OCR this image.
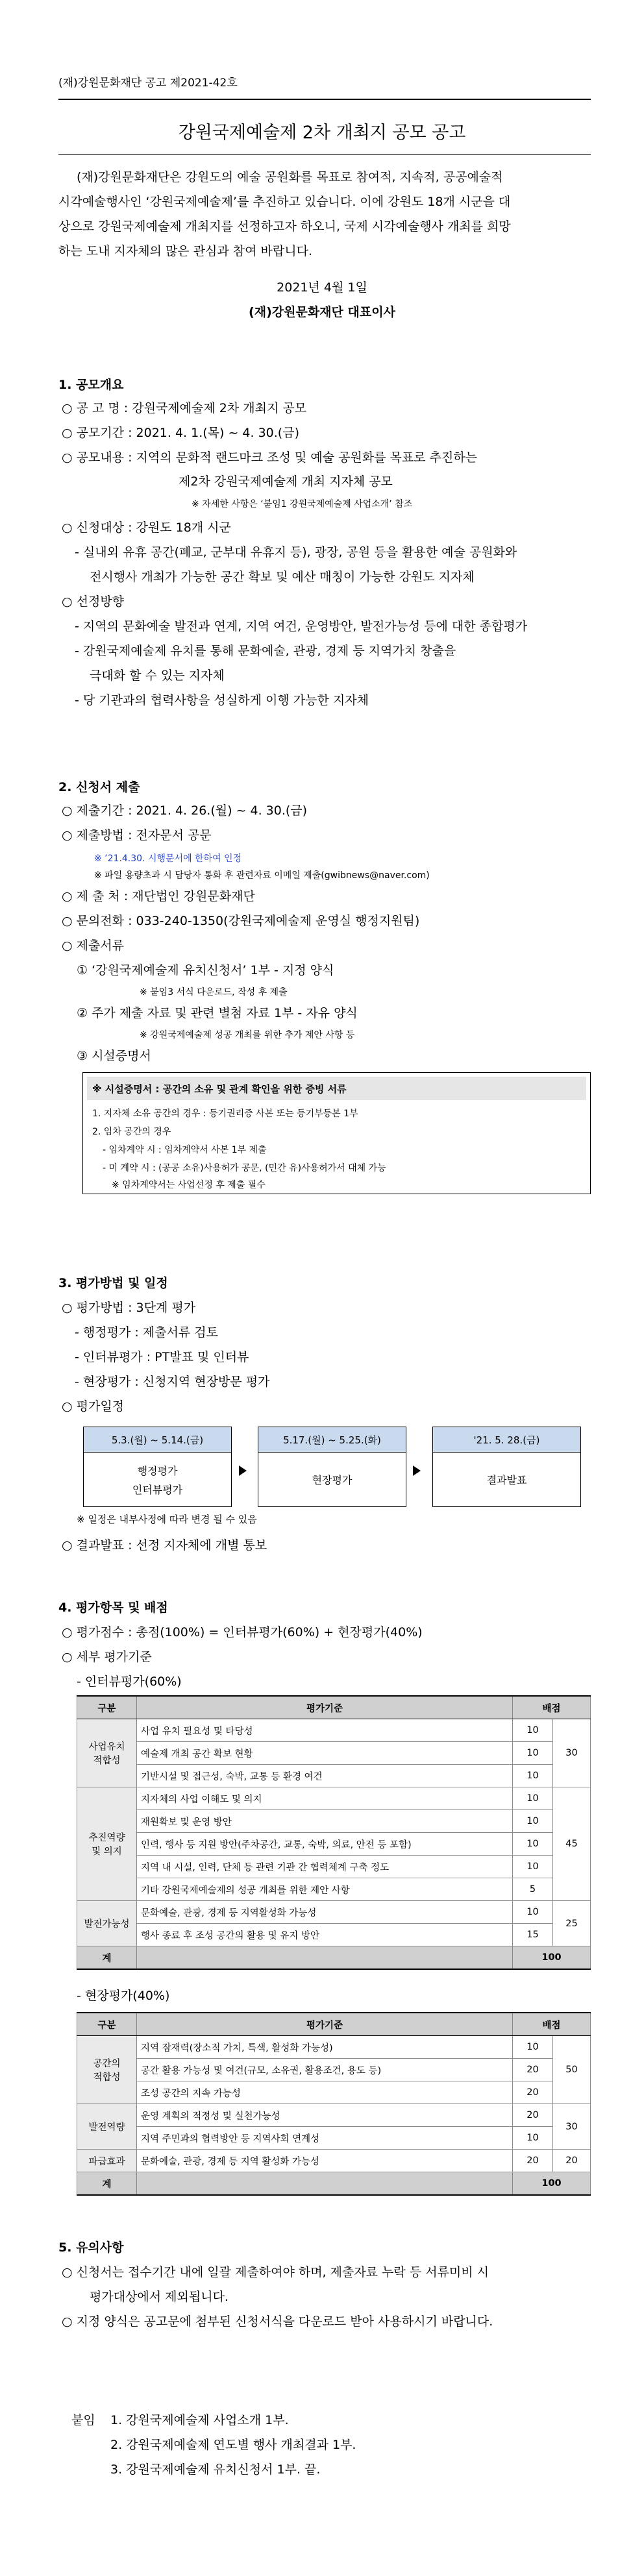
(재)강원문화재단 공고 제2021-42호
강원국제예술제 2차 개최지 공모 공고
(재)강원문화재단은 강원도의 예술 공원화를 목표로 참여적, 지속적, 공공예술적
시각예술행사인 ‘강원국제예술제’를 추진하고 있습니다. 이에 강원도 18개 시군을 대
상으로 강원국제예술제 개최지를 선정하고자 하오니, 국제 시각예술행사 개최를 희망
하는 도내 지자체의 많은 관심과 참여 바랍니다.
2021년 4월 1일
(재)강원문화재단 대표이사
1. 공모개요
○ 공 고 명 : 강원국제예술제 2차 개최지 공모
○ 공모기간 : 2021. 4. 1.(목) ~ 4. 30.(금)
○ 공모내용 : 지역의 문화적 랜드마크 조성 및 예술 공원화를 목표로 추진하는
제2차 강원국제예술제 개최 지자체 공모
※ 자세한 사항은 ‘붙임1 강원국제예술제 사업소개’ 참조
○ 신청대상 : 강원도 18개 시군
- 실내외 유휴 공간(폐교, 군부대 유휴지 등), 광장, 공원 등을 활용한 예술 공원화와
전시행사 개최가 가능한 공간 확보 및 예산 매칭이 가능한 강원도 지자체
○ 선정방향
- 지역의 문화예술 발전과 연계, 지역 여건, 운영방안, 발전가능성 등에 대한 종합평가
- 강원국제예술제 유치를 통해 문화예술, 관광, 경제 등 지역가치 창출을
극대화 할 수 있는 지자체
- 당 기관과의 협력사항을 성실하게 이행 가능한 지자체
2. 신청서 제출
○ 제출기간 : 2021. 4. 26.(월) ~ 4. 30.(금)
○ 제출방법 : 전자문서 공문
※ ’21.4.30. 시행문서에 한하여 인정
※ 파일 용량초과 시 담당자 통화 후 관련자료 이메일 제출(gwibnews@naver.com)
○ 제 출 처 : 재단법인 강원문화재단
○ 문의전화 : 033-240-1350(강원국제예술제 운영실 행정지원팀)
○ 제출서류
① ‘강원국제예술제 유치신청서’ 1부 - 지정 양식
※ 붙임3 서식 다운로드, 작성 후 제출
② 주가 제출 자료 및 관련 별첨 자료 1부 - 자유 양식
※ 강원국제예술제 성공 개최를 위한 추가 제안 사항 등
③ 시설증명서
※ 시설증명서 : 공간의 소유 및 관계 확인을 위한 증빙 서류
1. 지자체 소유 공간의 경우 : 등기권리증 사본 또는 등기부등본 1부
2. 임차 공간의 경우
- 임차계약 시 : 임차계약서 사본 1부 제출
- 미 계약 시 : (공공 소유)사용허가 공문, (민간 유)사용허가서 대체 가능
※ 임차계약서는 사업선정 후 제출 필수
3. 평가방법 및 일정
○ 평가방법 : 3단계 평가
- 행정평가 : 제출서류 검토
- 인터뷰평가 : PT발표 및 인터뷰
- 현장평가 : 신청지역 현장방문 평가
○ 평가일정
5.3.(월) ~ 5.14.(금)
행정평가
인터뷰평가
5.17.(월) ~ 5.25.(화)
현장평가
'21. 5. 28.(금)
결과발표
※ 일정은 내부사정에 따라 변경 될 수 있음
○ 결과발표 : 선정 지자체에 개별 통보
4. 평가항목 및 배점
○ 평가점수 : 총점(100%) = 인터뷰평가(60%) + 현장평가(40%)
○ 세부 평가기준
- 인터뷰평가(60%)
구분	평가기준	배점	
사업유치
적합성	사업 유치 필요성 및 타당성	10	30
	예술제 개최 공간 확보 현황	10	
	기반시설 및 접근성, 숙박, 교통 등 환경 여건	10	
추진역량
및 의지	지자체의 사업 이해도 및 의지	10	45
	재원확보 및 운영 방안	10	
	인력, 행사 등 지원 방안(주차공간, 교통, 숙박, 의료, 안전 등 포함)	10	
	지역 내 시설, 인력, 단체 등 관련 기관 간 협력체계 구축 정도	10	
	기타 강원국제예술제의 성공 개최를 위한 제안 사항	5	
발전가능성	문화예술, 관광, 경제 등 지역활성화 가능성	10	25
	행사 종료 후 조성 공간의 활용 및 유지 방안	15	
계		100	
- 현장평가(40%)
구분	평가기준	배점	
공간의
적합성	지역 잠재력(장소적 가치, 특색, 활성화 가능성)	10	50
	공간 활용 가능성 및 여건(규모, 소유권, 활용조건, 용도 등)	20	
	조성 공간의 지속 가능성	20	
발전역량	운영 계획의 적정성 및 실천가능성	20	30
	지역 주민과의 협력방안 등 지역사회 연계성	10	
파급효과	문화예술, 관광, 경제 등 지역 활성화 가능성	20	20
계		100	
5. 유의사항
○ 신청서는 접수기간 내에 일괄 제출하여야 하며, 제출자료 누락 등 서류미비 시
평가대상에서 제외됩니다.
○ 지정 양식은 공고문에 첨부된 신청서식을 다운로드 받아 사용하시기 바랍니다.
붙임 1. 강원국제예술제 사업소개 1부.
2. 강원국제예술제 연도별 행사 개최결과 1부.
3. 강원국제예술제 유치신청서 1부. 끝.
